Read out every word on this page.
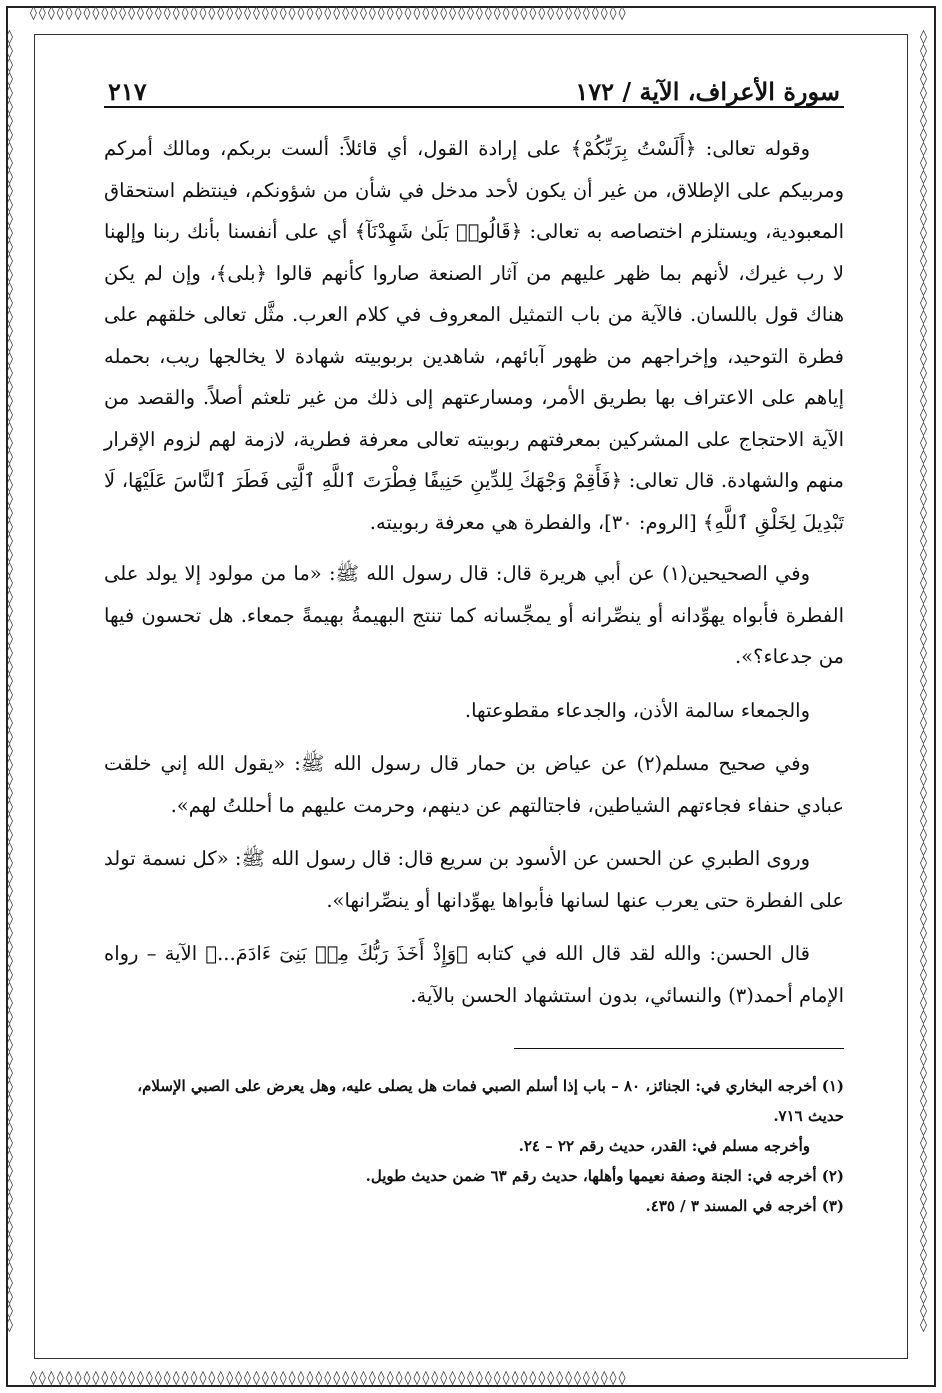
◊◊◊◊◊◊◊◊◊◊◊◊◊◊◊◊◊◊◊◊◊◊◊◊◊◊◊◊◊◊◊◊◊◊◊◊◊◊◊◊◊◊◊◊◊◊◊◊◊◊◊◊◊◊◊◊◊◊◊◊◊◊◊◊◊◊◊
◊◊◊◊◊◊◊◊◊◊◊◊◊◊◊◊◊◊◊◊◊◊◊◊◊◊◊◊◊◊◊◊◊◊◊◊◊◊◊◊◊◊◊◊◊◊◊◊◊◊◊◊◊◊◊◊◊◊◊◊◊◊◊◊◊◊◊
◊◊◊◊◊◊◊◊◊◊◊◊◊◊◊◊◊◊◊◊◊◊◊◊◊◊◊◊◊◊◊◊◊◊◊◊◊◊◊◊◊◊◊◊◊◊◊◊◊◊◊◊◊◊◊◊◊◊◊◊◊◊◊◊◊◊◊◊◊◊◊◊◊◊◊◊◊◊◊◊◊◊◊◊◊◊◊◊◊◊◊◊◊
◊◊◊◊◊◊◊◊◊◊◊◊◊◊◊◊◊◊◊◊◊◊◊◊◊◊◊◊◊◊◊◊◊◊◊◊◊◊◊◊◊◊◊◊◊◊◊◊◊◊◊◊◊◊◊◊◊◊◊◊◊◊◊◊◊◊◊◊◊◊◊◊◊◊◊◊◊◊◊◊◊◊◊◊◊◊◊◊◊◊◊◊◊
سورة الأعراف، الآية / ١٧٢
٢١٧

وقوله تعالى: ﴿أَلَسْتُ بِرَبِّكُمْ﴾ على إرادة القول، أي قائلاً: ألست بربكم، ومالك أمركم ومربيكم على الإطلاق، من غير أن يكون لأحد مدخل في شأن من شؤونكم، فينتظم استحقاق المعبودية، ويستلزم اختصاصه به تعالى: ﴿قَالُوا۟ بَلَىٰ شَهِدْنَآ﴾ أي على أنفسنا بأنك ربنا وإلهنا لا رب غيرك، لأنهم بما ظهر عليهم من آثار الصنعة صاروا كأنهم قالوا ﴿بلى﴾، وإن لم يكن هناك قول باللسان. فالآية من باب التمثيل المعروف في كلام العرب. مثَّل تعالى خلقهم على فطرة التوحيد، وإخراجهم من ظهور آبائهم، شاهدين بربوبيته شهادة لا يخالجها ريب، بحمله إياهم على الاعتراف بها بطريق الأمر، ومسارعتهم إلى ذلك من غير تلعثم أصلاً. والقصد من الآية الاحتجاج على المشركين بمعرفتهم ربوبيته تعالى معرفة فطرية، لازمة لهم لزوم الإقرار منهم والشهادة. قال تعالى: ﴿فَأَقِمْ وَجْهَكَ لِلدِّينِ حَنِيفًا فِطْرَتَ ٱللَّهِ ٱلَّتِى فَطَرَ ٱلنَّاسَ عَلَيْهَا، لَا تَبْدِيلَ لِخَلْقِ ٱللَّهِ﴾ [الروم: ٣٠]، والفطرة هي معرفة ربوبيته.

وفي الصحيحين(١) عن أبي هريرة قال: قال رسول الله ﷺ: «ما من مولود إلا يولد على الفطرة فأبواه يهوِّدانه أو ينصِّرانه أو يمجِّسانه كما تنتج البهيمةُ بهيمةً جمعاء. هل تحسون فيها من جدعاء؟».

والجمعاء سالمة الأذن، والجدعاء مقطوعتها.

وفي صحيح مسلم(٢) عن عياض بن حمار قال رسول الله ﷺ: «يقول الله إني خلقت عبادي حنفاء فجاءتهم الشياطين، فاجتالتهم عن دينهم، وحرمت عليهم ما أحللتُ لهم».

وروى الطبري عن الحسن عن الأسود بن سريع قال: قال رسول الله ﷺ: «كل نسمة تولد على الفطرة حتى يعرب عنها لسانها فأبواها يهوِّدانها أو ينصِّرانها».

قال الحسن: والله لقد قال الله في كتابه ﴿وَإِذْ أَخَذَ رَبُّكَ مِنۢ بَنِىٓ ءَادَمَ...﴾ الآية – رواه الإمام أحمد(٣) والنسائي، بدون استشهاد الحسن بالآية.

(١) أخرجه البخاري في: الجنائز، ٨٠ – باب إذا أسلم الصبي فمات هل يصلى عليه، وهل يعرض على الصبي الإسلام، حديث ٧١٦.
وأخرجه مسلم في: القدر، حديث رقم ٢٢ – ٢٤.
(٢) أخرجه في: الجنة وصفة نعيمها وأهلها، حديث رقم ٦٣ ضمن حديث طويل.
(٣) أخرجه في المسند ٣ / ٤٣٥.
